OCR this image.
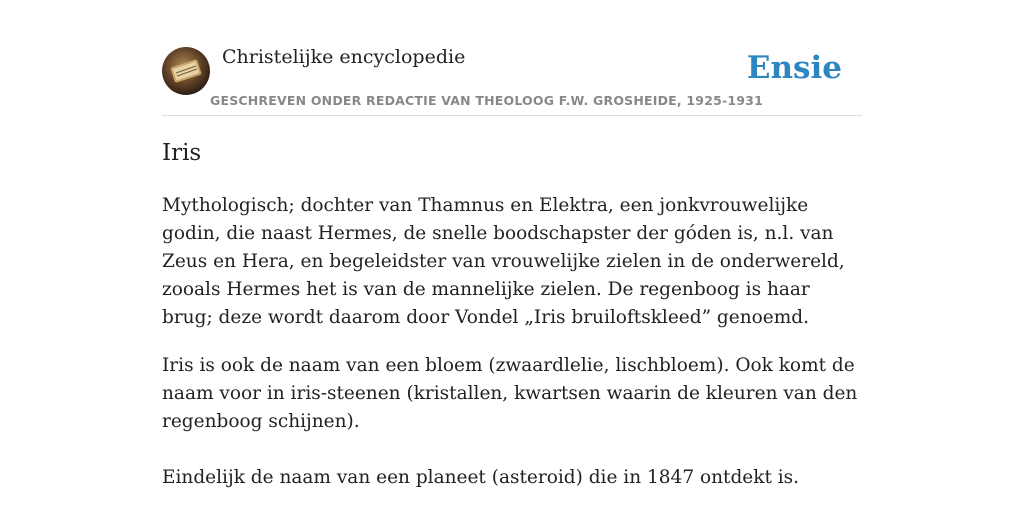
Christelijke encyclopedie
GESCHREVEN ONDER REDACTIE VAN THEOLOOG F.W. GROSHEIDE, 1925-1931
Ensie
Iris

Mythologisch; dochter van Thamnus en Elektra, een jonkvrouwelijke godin, die naast Hermes, de snelle boodschapster der góden is, n.l. van Zeus en Hera, en begeleidster van vrouwelijke zielen in de onderwereld, zooals Hermes het is van de mannelijke zielen. De regenboog is haar brug; deze wordt daarom door Vondel „Iris bruiloftskleed” genoemd.

Iris is ook de naam van een bloem (zwaardlelie, lischbloem). Ook komt de naam voor in iris-steenen (kristallen, kwartsen waarin de kleuren van den regenboog schijnen).

Eindelijk de naam van een planeet (asteroid) die in 1847 ontdekt is.
